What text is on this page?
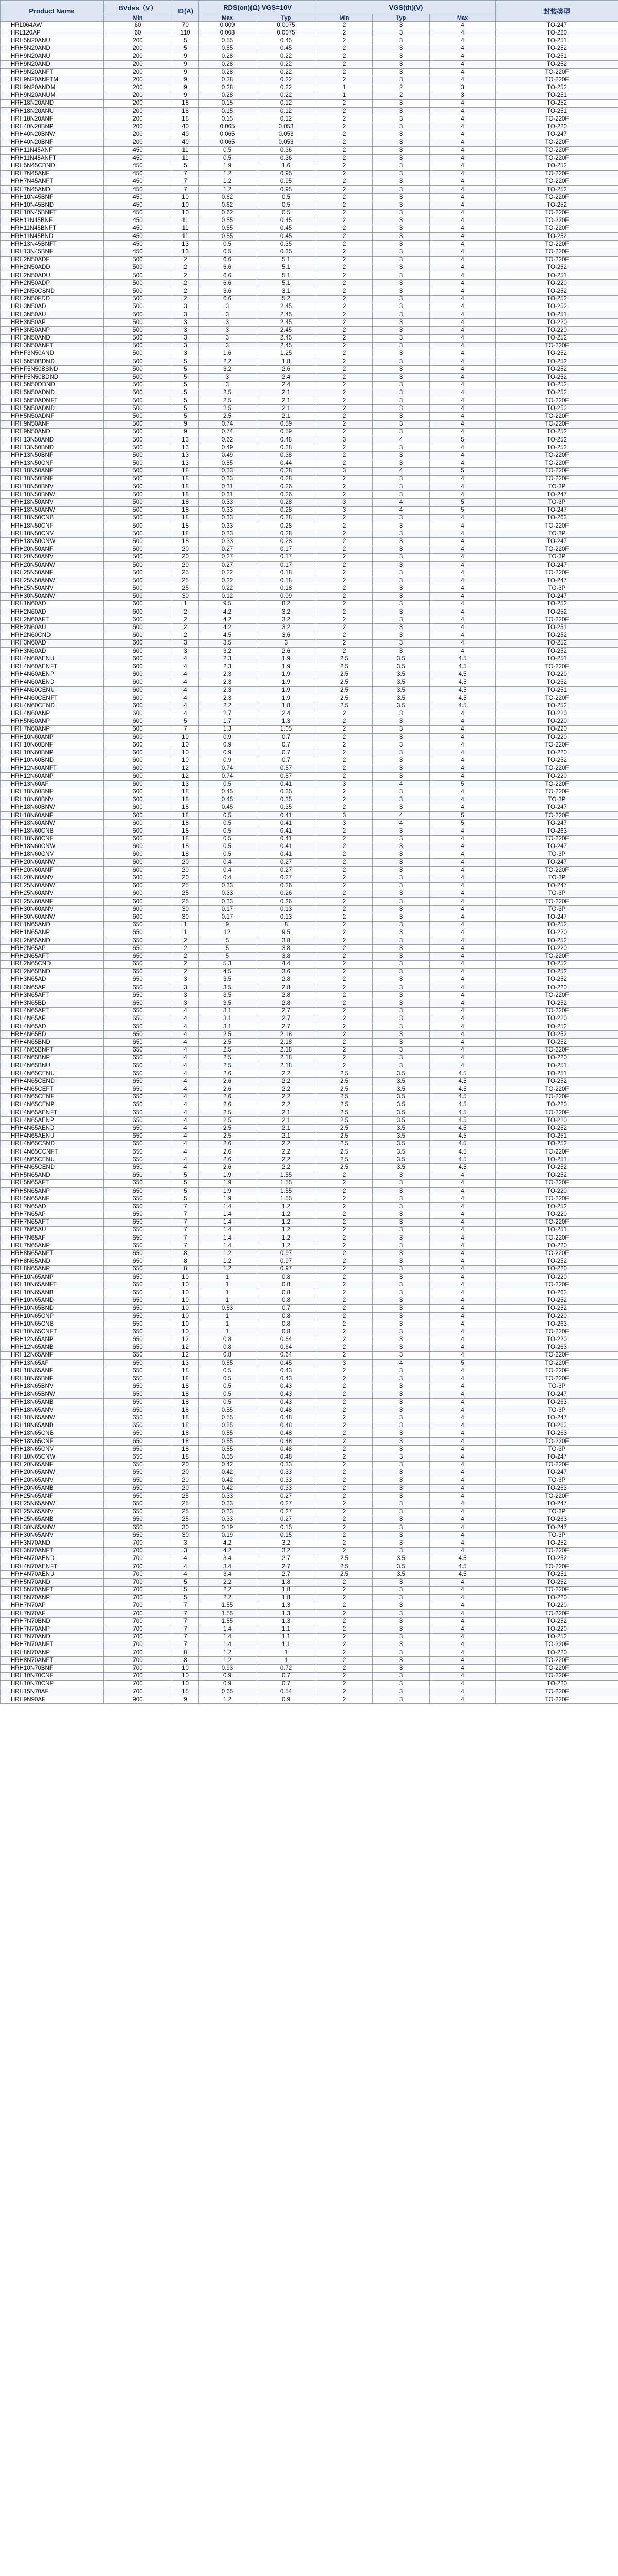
Product Name	BVdss（V）	ID(A)	RDS(on)(Ω) VGS=10V		VGS(th)(V)			封装类型
	Min		Max	Typ	Min	Typ	Max	
HRL064AW	60	70	0.009	0.0075	2	3	4	TO-247
HRL120AP	60	110	0.008	0.0075	2	3	4	TO-220
HRH5N20ANU	200	5	0.55	0.45	2	3	4	TO-251
HRH5N20AND	200	5	0.55	0.45	2	3	4	TO-252
HRH9N20ANU	200	9	0.28	0.22	2	3	4	TO-251
HRH9N20AND	200	9	0.28	0.22	2	3	4	TO-252
HRH9N20ANFT	200	9	0.28	0.22	2	3	4	TO-220F
HRH9N20ANFTM	200	9	0.28	0.22	2	3	4	TO-220F
HRH9N20ANDM	200	9	0.28	0.22	1	2	3	TO-252
HRH9N20ANUM	200	9	0.28	0.22	1	2	3	TO-251
HRH18N20AND	200	18	0.15	0.12	2	3	4	TO-252
HRH18N20ANU	200	18	0.15	0.12	2	3	4	TO-251
HRH18N20ANF	200	18	0.15	0.12	2	3	4	TO-220F
HRH40N20BNP	200	40	0.065	0.053	2	3	4	TO-220
HRH40N20BNW	200	40	0.065	0.053	2	3	4	TO-247
HRH40N20BNF	200	40	0.065	0.053	2	3	4	TO-220F
HRH11N45ANF	450	11	0.5	0.36	2	3	4	TO-220F
HRH11N45ANFT	450	11	0.5	0.36	2	3	4	TO-220F
HRH5N45CDND	450	5	1.9	1.6	2	3	4	TO-252
HRH7N45ANF	450	7	1.2	0.95	2	3	4	TO-220F
HRH7N45ANFT	450	7	1.2	0.95	2	3	4	TO-220F
HRH7N45AND	450	7	1.2	0.95	2	3	4	TO-252
HRH10N45BNF	450	10	0.62	0.5	2	3	4	TO-220F
HRH10N45BND	450	10	0.62	0.5	2	3	4	TO-252
HRH10N45BNFT	450	10	0.62	0.5	2	3	4	TO-220F
HRH11N45BNF	450	11	0.55	0.45	2	3	4	TO-220F
HRH11N45BNFT	450	11	0.55	0.45	2	3	4	TO-220F
HRH11N45BND	450	11	0.55	0.45	2	3	4	TO-252
HRH13N45BNFT	450	13	0.5	0.35	2	3	4	TO-220F
HRH13N45BNF	450	13	0.5	0.35	2	3	4	TO-220F
HRH2N50ADF	500	2	6.6	5.1	2	3	4	TO-220F
HRH2N50ADD	500	2	6.6	5.1	2	3	4	TO-252
HRH2N50ADU	500	2	6.6	5.1	2	3	4	TO-251
HRH2N50ADP	500	2	6.6	5.1	2	3	4	TO-220
HRH2N50CSND	500	2	3.6	3.1	2	3	4	TO-252
HRH2N50FDD	500	2	6.6	5.2	2	3	4	TO-252
HRH3N50AD	500	3	3	2.45	2	3	4	TO-252
HRH3N50AU	500	3	3	2.45	2	3	4	TO-251
HRH3N50AP	500	3	3	2.45	2	3	4	TO-220
HRH3N50ANP	500	3	3	2.45	2	3	4	TO-220
HRH3N50AND	500	3	3	2.45	2	3	4	TO-252
HRH3N50ANFT	500	3	3	2.45	2	3	4	TO-220F
HRHF3N50AND	500	3	1.6	1.25	2	3	4	TO-252
HRH5N50BDND	500	5	2.2	1.8	2	3	4	TO-252
HRHF5N50BSND	500	5	3.2	2.6	2	3	4	TO-252
HRHF5N50BDND	500	5	3	2.4	2	3	4	TO-252
HRH5N50DDND	500	5	3	2.4	2	3	4	TO-252
HRH5N50ADND	500	5	2.5	2.1	2	3	4	TO-252
HRH5N50ADNFT	500	5	2.5	2.1	2	3	4	TO-220F
HRH5N50ADND	500	5	2.5	2.1	2	3	4	TO-252
HRH5N50ADNF	500	5	2.5	2.1	2	3	4	TO-220F
HRH9N50ANF	500	9	0.74	0.59	2	3	4	TO-220F
HRH9N50AND	500	9	0.74	0.59	2	3	4	TO-252
HRH13N50AND	500	13	0.62	0.48	3	4	5	TO-252
HRH13N50BND	500	13	0.49	0.38	2	3	4	TO-252
HRH13N50BNF	500	13	0.49	0.38	2	3	4	TO-220F
HRH13N50CNF	500	13	0.55	0.44	2	3	4	TO-220F
HRH18N50ANF	500	18	0.33	0.28	3	4	5	TO-220F
HRH18N50BNF	500	18	0.33	0.28	2	3	4	TO-220F
HRH18N50BNV	500	18	0.31	0.26	2	3	4	TO-3P
HRH18N50BNW	500	18	0.31	0.26	2	3	4	TO-247
HRH18N50ANV	500	18	0.33	0.28	3	4	5	TO-3P
HRH18N50ANW	500	18	0.33	0.28	3	4	5	TO-247
HRH18N50CNB	500	18	0.33	0.28	2	3	4	TO-263
HRH18N50CNF	500	18	0.33	0.28	2	3	4	TO-220F
HRH18N50CNV	500	18	0.33	0.28	2	3	4	TO-3P
HRH18N50CNW	500	18	0.33	0.28	2	3	4	TO-247
HRH20N50ANF	500	20	0.27	0.17	2	3	4	TO-220F
HRH20N50ANV	500	20	0.27	0.17	2	3	4	TO-3P
HRH20N50ANW	500	20	0.27	0.17	2	3	4	TO-247
HRH25N50ANF	500	25	0.22	0.18	2	3	4	TO-220F
HRH25N50ANW	500	25	0.22	0.18	2	3	4	TO-247
HRH25N50ANV	500	25	0.22	0.18	2	3	4	TO-3P
HRH30N50ANW	500	30	0.12	0.09	2	3	4	TO-247
HRH1N60AD	600	1	9.5	8.2	2	3	4	TO-252
HRH2N60AD	600	2	4.2	3.2	2	3	4	TO-252
HRH2N60AFT	600	2	4.2	3.2	2	3	4	TO-220F
HRH2N60AU	600	2	4.2	3.2	2	3	4	TO-251
HRH2N60CND	600	2	4.5	3.6	2	3	4	TO-252
HRH3N60AD	600	3	3.5	3	2	3	4	TO-252
HRH3N60AD	600	3	3.2	2.6	2	3	4	TO-252
HRH4N60AENU	600	4	2.3	1.9	2.5	3.5	4.5	TO-251
HRH4N60AENFT	600	4	2.3	1.9	2.5	3.5	4.5	TO-220F
HRH4N60AENP	600	4	2.3	1.9	2.5	3.5	4.5	TO-220
HRH4N60AEND	600	4	2.3	1.9	2.5	3.5	4.5	TO-252
HRH4N60CENU	600	4	2.3	1.9	2.5	3.5	4.5	TO-251
HRH4N60CENFT	600	4	2.3	1.9	2.5	3.5	4.5	TO-220F
HRH4N60CEND	600	4	2.2	1.8	2.5	3.5	4.5	TO-252
HRH4N60ANP	600	4	2.7	2.4	2	3	4	TO-220
HRH5N60ANP	600	5	1.7	1.3	2	3	4	TO-220
HRH7N60ANP	600	7	1.3	1.05	2	3	4	TO-220
HRH10N60ANP	600	10	0.9	0.7	2	3	4	TO-220
HRH10N60BNF	600	10	0.9	0.7	2	3	4	TO-220F
HRH10N60BNP	600	10	0.9	0.7	2	3	4	TO-220
HRH10N60BND	600	10	0.9	0.7	2	3	4	TO-252
HRH12N60ANFT	600	12	0.74	0.57	2	3	4	TO-220F
HRH12N60ANP	600	12	0.74	0.57	2	3	4	TO-220
HRH13N60AF	600	13	0.5	0.41	3	4	5	TO-220F
HRH18N60BNF	600	18	0.45	0.35	2	3	4	TO-220F
HRH18N60BNV	600	18	0.45	0.35	2	3	4	TO-3P
HRH18N60BNW	600	18	0.45	0.35	2	3	4	TO-247
HRH18N60ANF	600	18	0.5	0.41	3	4	5	TO-220F
HRH18N60ANW	600	18	0.5	0.41	3	4	5	TO-247
HRH18N60CNB	600	18	0.5	0.41	2	3	4	TO-263
HRH18N60CNF	600	18	0.5	0.41	2	3	4	TO-220F
HRH18N60CNW	600	18	0.5	0.41	2	3	4	TO-247
HRH18N60CNV	600	18	0.5	0.41	2	3	4	TO-3P
HRH20N60ANW	600	20	0.4	0.27	2	3	4	TO-247
HRH20N60ANF	600	20	0.4	0.27	2	3	4	TO-220F
HRH20N60ANV	600	20	0.4	0.27	2	3	4	TO-3P
HRH25N60ANW	600	25	0.33	0.26	2	3	4	TO-247
HRH25N60ANV	600	25	0.33	0.26	2	3	4	TO-3P
HRH25N60ANF	600	25	0.33	0.26	2	3	4	TO-220F
HRH30N60ANV	600	30	0.17	0.13	2	3	4	TO-3P
HRH30N60ANW	600	30	0.17	0.13	2	3	4	TO-247
HRH1N65AND	650	1	9	8	2	3	4	TO-252
HRH1N65ANP	650	1	12	9.5	2	3	4	TO-220
HRH2N65AND	650	2	5	3.8	2	3	4	TO-252
HRH2N65AP	650	2	5	3.8	2	3	4	TO-220
HRH2N65AFT	650	2	5	3.8	2	3	4	TO-220F
HRH2N65CND	650	2	5.3	4.4	2	3	4	TO-252
HRH2N65BND	650	2	4.5	3.6	2	3	4	TO-252
HRH3N65AD	650	3	3.5	2.8	2	3	4	TO-252
HRH3N65AP	650	3	3.5	2.8	2	3	4	TO-220
HRH3N65AFT	650	3	3.5	2.8	2	3	4	TO-220F
HRH3N65BD	650	3	3.5	2.8	2	3	4	TO-252
HRH4N65AFT	650	4	3.1	2.7	2	3	4	TO-220F
HRH4N65AP	650	4	3.1	2.7	2	3	4	TO-220
HRH4N65AD	650	4	3.1	2.7	2	3	4	TO-252
HRH4N65BD	650	4	2.5	2.18	2	3	4	TO-252
HRH4N65BND	650	4	2.5	2.18	2	3	4	TO-252
HRH4N65BNFT	650	4	2.5	2.18	2	3	4	TO-220F
HRH4N65BNP	650	4	2.5	2.18	2	3	4	TO-220
HRH4N65BNU	650	4	2.5	2.18	2	3	4	TO-251
HRH4N65CENU	650	4	2.6	2.2	2.5	3.5	4.5	TO-251
HRH4N65CEND	650	4	2.6	2.2	2.5	3.5	4.5	TO-252
HRH4N65CEFT	650	4	2.6	2.2	2.5	3.5	4.5	TO-220F
HRH4N65CENF	650	4	2.6	2.2	2.5	3.5	4.5	TO-220F
HRH4N65CENP	650	4	2.6	2.2	2.5	3.5	4.5	TO-220
HRH4N65AENFT	650	4	2.5	2.1	2.5	3.5	4.5	TO-220F
HRH4N65AENP	650	4	2.5	2.1	2.5	3.5	4.5	TO-220
HRH4N65AEND	650	4	2.5	2.1	2.5	3.5	4.5	TO-252
HRH4N65AENU	650	4	2.5	2.1	2.5	3.5	4.5	TO-251
HRH4N65CSND	650	4	2.6	2.2	2.5	3.5	4.5	TO-252
HRH4N65CCNFT	650	4	2.6	2.2	2.5	3.5	4.5	TO-220F
HRH4N65CENU	650	4	2.6	2.2	2.5	3.5	4.5	TO-251
HRH4N65CEND	650	4	2.6	2.2	2.5	3.5	4.5	TO-252
HRH5N65AND	650	5	1.9	1.55	2	3	4	TO-252
HRH5N65AFT	650	5	1.9	1.55	2	3	4	TO-220F
HRH5N65ANP	650	5	1.9	1.55	2	3	4	TO-220
HRH5N65ANF	650	5	1.9	1.55	2	3	4	TO-220F
HRH7N65AD	650	7	1.4	1.2	2	3	4	TO-252
HRH7N65AP	650	7	1.4	1.2	2	3	4	TO-220
HRH7N65AFT	650	7	1.4	1.2	2	3	4	TO-220F
HRH7N65AU	650	7	1.4	1.2	2	3	4	TO-251
HRH7N65AF	650	7	1.4	1.2	2	3	4	TO-220F
HRH7N65ANP	650	7	1.4	1.2	2	3	4	TO-220
HRH8N65ANFT	650	8	1.2	0.97	2	3	4	TO-220F
HRH8N65AND	650	8	1.2	0.97	2	3	4	TO-252
HRH8N65ANP	650	8	1.2	0.97	2	3	4	TO-220
HRH10N65ANP	650	10	1	0.8	2	3	4	TO-220
HRH10N65ANFT	650	10	1	0.8	2	3	4	TO-220F
HRH10N65ANB	650	10	1	0.8	2	3	4	TO-263
HRH10N65AND	650	10	1	0.8	2	3	4	TO-252
HRH10N65BND	650	10	0.83	0.7	2	3	4	TO-252
HRH10N65CNP	650	10	1	0.8	2	3	4	TO-220
HRH10N65CNB	650	10	1	0.8	2	3	4	TO-263
HRH10N65CNFT	650	10	1	0.8	2	3	4	TO-220F
HRH12N65ANP	650	12	0.8	0.64	2	3	4	TO-220
HRH12N65ANB	650	12	0.8	0.64	2	3	4	TO-263
HRH12N65ANF	650	12	0.8	0.64	2	3	4	TO-220F
HRH13N65AF	650	13	0.55	0.45	3	4	5	TO-220F
HRH18N65ANF	650	18	0.5	0.43	2	3	4	TO-220F
HRH18N65BNF	650	18	0.5	0.43	2	3	4	TO-220F
HRH18N65BNV	650	18	0.5	0.43	2	3	4	TO-3P
HRH18N65BNW	650	18	0.5	0.43	2	3	4	TO-247
HRH18N65ANB	650	18	0.5	0.43	2	3	4	TO-263
HRH18N65ANV	650	18	0.55	0.48	2	3	4	TO-3P
HRH18N65ANW	650	18	0.55	0.48	2	3	4	TO-247
HRH18N65ANB	650	18	0.55	0.48	2	3	4	TO-263
HRH18N65CNB	650	18	0.55	0.48	2	3	4	TO-263
HRH18N65CNF	650	18	0.55	0.48	2	3	4	TO-220F
HRH18N65CNV	650	18	0.55	0.48	2	3	4	TO-3P
HRH18N65CNW	650	18	0.55	0.48	2	3	4	TO-247
HRH20N65ANF	650	20	0.42	0.33	2	3	4	TO-220F
HRH20N65ANW	650	20	0.42	0.33	2	3	4	TO-247
HRH20N65ANV	650	20	0.42	0.33	2	3	4	TO-3P
HRH20N65ANB	650	20	0.42	0.33	2	3	4	TO-263
HRH25N65ANF	650	25	0.33	0.27	2	3	4	TO-220F
HRH25N65ANW	650	25	0.33	0.27	2	3	4	TO-247
HRH25N65ANV	650	25	0.33	0.27	2	3	4	TO-3P
HRH25N65ANB	650	25	0.33	0.27	2	3	4	TO-263
HRH30N65ANW	650	30	0.19	0.15	2	3	4	TO-247
HRH30N65ANV	650	30	0.19	0.15	2	3	4	TO-3P
HRH3N70AND	700	3	4.2	3.2	2	3	4	TO-252
HRH3N70ANFT	700	3	4.2	3.2	2	3	4	TO-220F
HRH4N70AEND	700	4	3.4	2.7	2.5	3.5	4.5	TO-252
HRH4N70AENFT	700	4	3.4	2.7	2.5	3.5	4.5	TO-220F
HRH4N70AENU	700	4	3.4	2.7	2.5	3.5	4.5	TO-251
HRH5N70AND	700	5	2.2	1.8	2	3	4	TO-252
HRH5N70ANFT	700	5	2.2	1.8	2	3	4	TO-220F
HRH5N70ANP	700	5	2.2	1.8	2	3	4	TO-220
HRH7N70AP	700	7	1.55	1.3	2	3	4	TO-220
HRH7N70AF	700	7	1.55	1.3	2	3	4	TO-220F
HRH7N70BND	700	7	1.55	1.3	2	3	4	TO-252
HRH7N70ANP	700	7	1.4	1.1	2	3	4	TO-220
HRH7N70AND	700	7	1.4	1.1	2	3	4	TO-252
HRH7N70ANFT	700	7	1.4	1.1	2	3	4	TO-220F
HRH8N70ANP	700	8	1.2	1	2	3	4	TO-220
HRH8N70ANFT	700	8	1.2	1	2	3	4	TO-220F
HRH10N70BNF	700	10	0.93	0.72	2	3	4	TO-220F
HRH10N70CNF	700	10	0.9	0.7	2	3	4	TO-220F
HRH10N70CNP	700	10	0.9	0.7	2	3	4	TO-220
HRH15N70AF	700	15	0.65	0.54	2	3	4	TO-220F
HRH9N90AF	900	9	1.2	0.9	2	3	4	TO-220F
